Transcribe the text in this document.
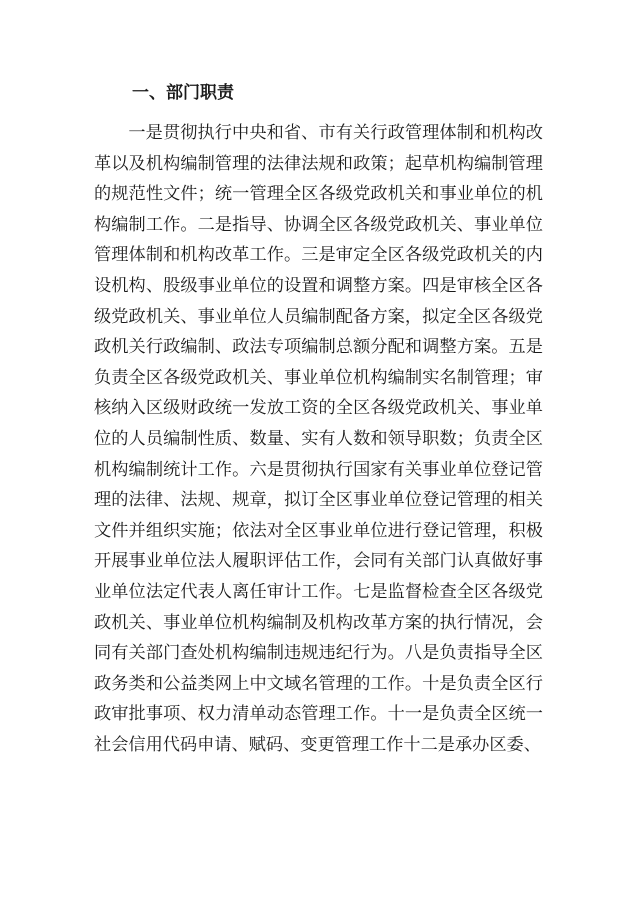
一、部门职责

一是贯彻执行中央和省、市有关行政管理体制和机构改革以及机构编制管理的法律法规和政策；起草机构编制管理的规范性文件；统一管理全区各级党政机关和事业单位的机构编制工作。二是指导、协调全区各级党政机关、事业单位管理体制和机构改革工作。三是审定全区各级党政机关的内设机构、股级事业单位的设置和调整方案。四是审核全区各级党政机关、事业单位人员编制配备方案，拟定全区各级党政机关行政编制、政法专项编制总额分配和调整方案。五是负责全区各级党政机关、事业单位机构编制实名制管理；审核纳入区级财政统一发放工资的全区各级党政机关、事业单位的人员编制性质、数量、实有人数和领导职数；负责全区机构编制统计工作。六是贯彻执行国家有关事业单位登记管理的法律、法规、规章，拟订全区事业单位登记管理的相关文件并组织实施；依法对全区事业单位进行登记管理，积极开展事业单位法人履职评估工作，会同有关部门认真做好事业单位法定代表人离任审计工作。七是监督检查全区各级党政机关、事业单位机构编制及机构改革方案的执行情况，会同有关部门查处机构编制违规违纪行为。八是负责指导全区政务类和公益类网上中文域名管理的工作。十是负责全区行政审批事项、权力清单动态管理工作。十一是负责全区统一社会信用代码申请、赋码、变更管理工作十二是承办区委、
